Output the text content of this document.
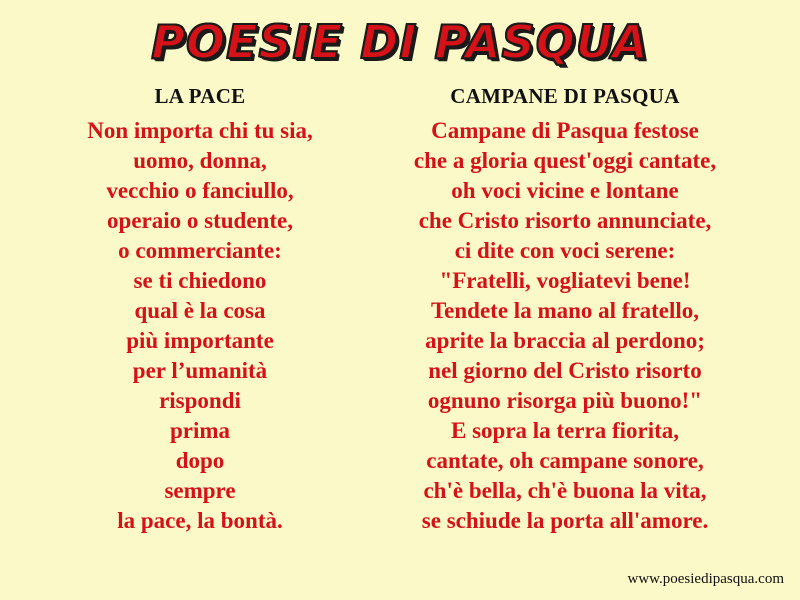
POESIE DI PASQUA
LA PACE
Non importa chi tu sia,
uomo, donna,
vecchio o fanciullo,
operaio o studente,
o commerciante:
se ti chiedono
qual è la cosa
più importante
per l’umanità
rispondi
prima
dopo
sempre
la pace, la bontà.
CAMPANE DI PASQUA
Campane di Pasqua festose
che a gloria quest'oggi cantate,
oh voci vicine e lontane
che Cristo risorto annunciate,
ci dite con voci serene:
"Fratelli, vogliatevi bene!
Tendete la mano al fratello,
aprite la braccia al perdono;
nel giorno del Cristo risorto
ognuno risorga più buono!"
E sopra la terra fiorita,
cantate, oh campane sonore,
ch'è bella, ch'è buona la vita,
se schiude la porta all'amore.
www.poesiedipasqua.com
